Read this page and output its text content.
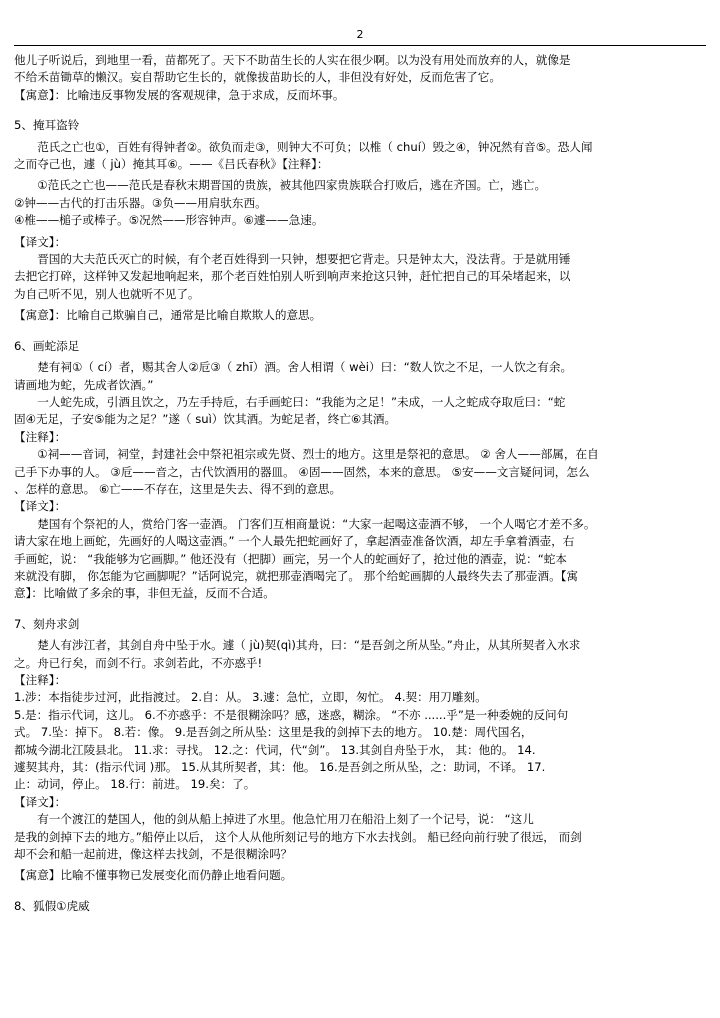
2

他儿子听说后，到地里一看，苗都死了。天下不助苗生长的人实在很少啊。以为没有用处而放弃的人，就像是

不给禾苗锄草的懒汉。妄自帮助它生长的，就像拔苗助长的人，非但没有好处，反而危害了它。

【寓意】：比喻违反事物发展的客观规律，急于求成，反而坏事。

5、掩耳盗铃

范氏之亡也①，百姓有得钟者②。欲负而走③，则钟大不可负；以椎（ chuí）毁之④，钟况然有音⑤。恐人闻

之而夺己也，遽（ jù）掩其耳⑥。——《吕氏春秋》【注释】：

①范氏之亡也——范氏是春秋末期晋国的贵族，被其他四家贵族联合打败后，逃在齐国。亡，逃亡。

②钟——古代的打击乐器。③负——用肩驮东西。

④椎——槌子或棒子。⑤况然——形容钟声。⑥遽——急速。

【译文】：

晋国的大夫范氏灭亡的时候，有个老百姓得到一只钟，想要把它背走。只是钟太大，没法背。于是就用锤

去把它打碎，这样钟又发起地响起来，那个老百姓怕别人听到响声来抢这只钟，赶忙把自己的耳朵堵起来，以

为自己听不见，别人也就听不见了。

【寓意】：比喻自己欺骗自己，通常是比喻自欺欺人的意思。

6、画蛇添足

楚有祠①（ cí）者，赐其舍人②卮③（ zhī）酒。舍人相谓（ wèi）曰：“数人饮之不足，一人饮之有余。

请画地为蛇，先成者饮酒。”

一人蛇先成，引酒且饮之，乃左手持卮，右手画蛇曰：“我能为之足！”未成，一人之蛇成夺取卮曰：“蛇

固④无足，子安⑤能为之足？”遂（ suì）饮其酒。为蛇足者，终亡⑥其酒。

【注释】：

①祠——音词，祠堂，封建社会中祭祀祖宗或先贤、烈士的地方。这里是祭祀的意思。 ② 舍人——部属，在自

己手下办事的人。 ③卮——音之，古代饮酒用的器皿。 ④固——固然，本来的意思。 ⑤安——文言疑问词，怎么

、怎样的意思。 ⑥亡——不存在，这里是失去、得不到的意思。

【译文】：

楚国有个祭祀的人，赏给门客一壶酒。 门客们互相商量说：“大家一起喝这壶酒不够， 一个人喝它才差不多。

请大家在地上画蛇，先画好的人喝这壶酒。” 一个人最先把蛇画好了，拿起酒壶准备饮酒，却左手拿着酒壶，右

手画蛇，说： “我能够为它画脚。” 他还没有（把脚）画完，另一个人的蛇画好了，抢过他的酒壶，说：“蛇本

来就没有脚， 你怎能为它画脚呢？”话阿说完，就把那壶酒喝完了。 那个给蛇画脚的人最终失去了那壶酒。【寓

意】：比喻做了多余的事，非但无益，反而不合适。

7、刻舟求剑

楚人有涉江者，其剑自舟中坠于水。遽（ jù)契(qì)其舟，曰：“是吾剑之所从坠。”舟止，从其所契者入水求

之。舟已行矣，而剑不行。求剑若此，不亦惑乎!

【注释】：

1.涉：本指徒步过河，此指渡过。 2.自：从。 3.遽：急忙，立即，匆忙。 4.契：用刀雕刻。

5.是：指示代词，这儿。 6.不亦惑乎：不是很糊涂吗？感，迷惑，糊涂。 “不亦 ......乎”是一种委婉的反问句

式。 7.坠：掉下。 8.若：像。 9.是吾剑之所从坠：这里是我的剑掉下去的地方。 10.楚：周代国名，

都城今湖北江陵县北。 11.求：寻找。 12.之：代词，代“剑”。 13.其剑自舟坠于水， 其：他的。 14.

遽契其舟，其：(指示代词 )那。 15.从其所契者，其：他。 16.是吾剑之所从坠，之：助词，不译。 17.

止：动词，停止。 18.行：前进。 19.矣：了。

【译文】：

有一个渡江的楚国人，他的剑从船上掉进了水里。他急忙用刀在船沿上刻了一个记号，说： “这儿

是我的剑掉下去的地方。”船停止以后， 这个人从他所刻记号的地方下水去找剑。 船已经向前行驶了很远， 而剑

却不会和船一起前进，像这样去找剑，不是很糊涂吗？

【寓意】比喻不懂事物已发展变化而仍静止地看问题。

8、狐假①虎威
